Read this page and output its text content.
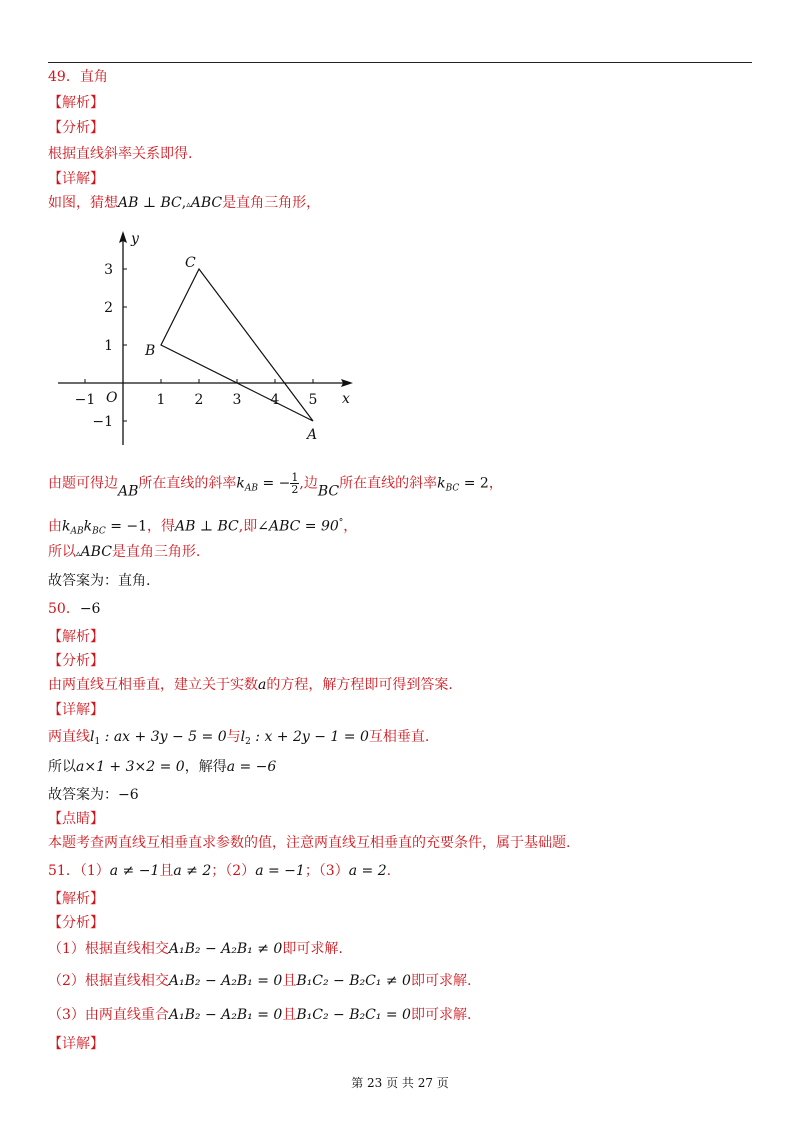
49．直角
【解析】
【分析】
根据直线斜率关系即得.
【详解】
如图，猜想AB ⊥ BC,▵ABC是直角三角形，
x
y
O
−1	1 2 3 4 5
3
2
1
−1
A
B
C
由题可得边AB所在直线的斜率$k_{AB}$ = − $\frac{1}{2}$ ,边BC所在直线的斜率$k_{BC} = 2$，
由$k_{AB}k_{BC} = -1$，得AB ⊥ BC,即∠ABC = 90°，
所以▵ABC是直角三角形.
故答案为：直角.
50．−6
【解析】
【分析】
由两直线互相垂直，建立关于实数a的方程，解方程即可得到答案.
【详解】
两直线$l_1$ : ax + 3y − 5 = 0与$l_2$ : x + 2y − 1 = 0互相垂直.
所以a×1 + 3×2 = 0，解得a = −6
故答案为：−6
【点睛】
本题考查两直线互相垂直求参数的值，注意两直线互相垂直的充要条件，属于基础题.
51．（1）a ≠ −1且a ≠ 2；（2）a = −1；（3）a = 2.
【解析】
【分析】
（1）根据直线相交A₁B₂ − A₂B₁ ≠ 0即可求解.
（2）根据直线相交A₁B₂ − A₂B₁ = 0且B₁C₂ − B₂C₁ ≠ 0即可求解.
（3）由两直线重合A₁B₂ − A₂B₁ = 0且B₁C₂ − B₂C₁ = 0即可求解.
【详解】
第 23 页 共 27 页
